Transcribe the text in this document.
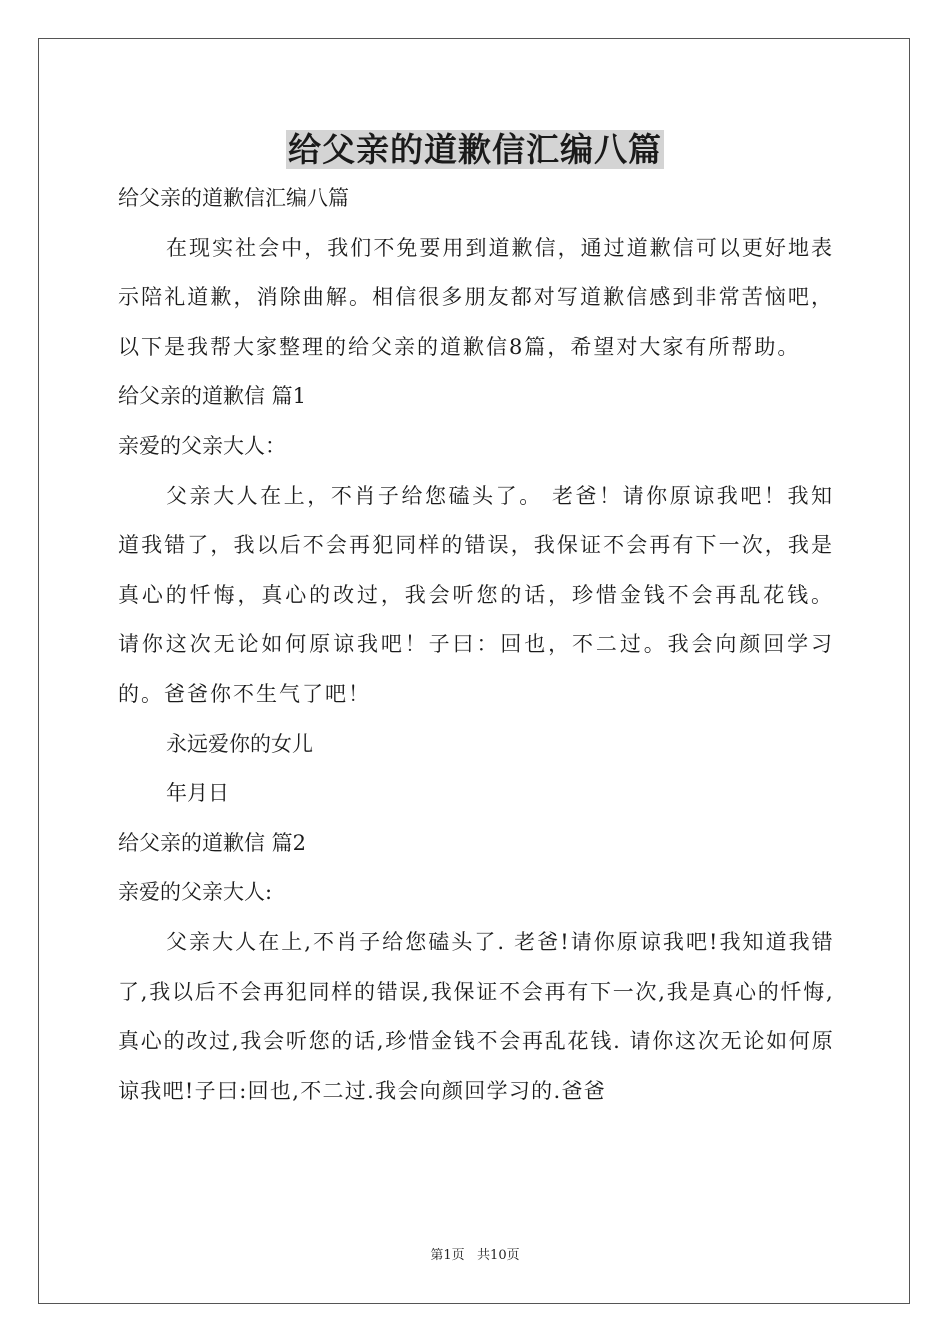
给父亲的道歉信汇编八篇

给父亲的道歉信汇编八篇

在现实社会中，我们不免要用到道歉信，通过道歉信可以更好地表示陪礼道歉，消除曲解。相信很多朋友都对写道歉信感到非常苦恼吧，以下是我帮大家整理的给父亲的道歉信8篇，希望对大家有所帮助。

给父亲的道歉信 篇1

亲爱的父亲大人：

父亲大人在上，不肖子给您磕头了。 老爸！请你原谅我吧！我知道我错了，我以后不会再犯同样的错误，我保证不会再有下一次，我是真心的忏悔，真心的改过，我会听您的话，珍惜金钱不会再乱花钱。 请你这次无论如何原谅我吧！子曰：回也，不二过。我会向颜回学习的。爸爸你不生气了吧！

永远爱你的女儿

年月日

给父亲的道歉信 篇2

亲爱的父亲大人:

父亲大人在上,不肖子给您磕头了. 老爸!请你原谅我吧!我知道我错了,我以后不会再犯同样的错误,我保证不会再有下一次,我是真心的忏悔,真心的改过,我会听您的话,珍惜金钱不会再乱花钱. 请你这次无论如何原谅我吧!子曰:回也,不二过.我会向颜回学习的.爸爸

第1页   共10页
